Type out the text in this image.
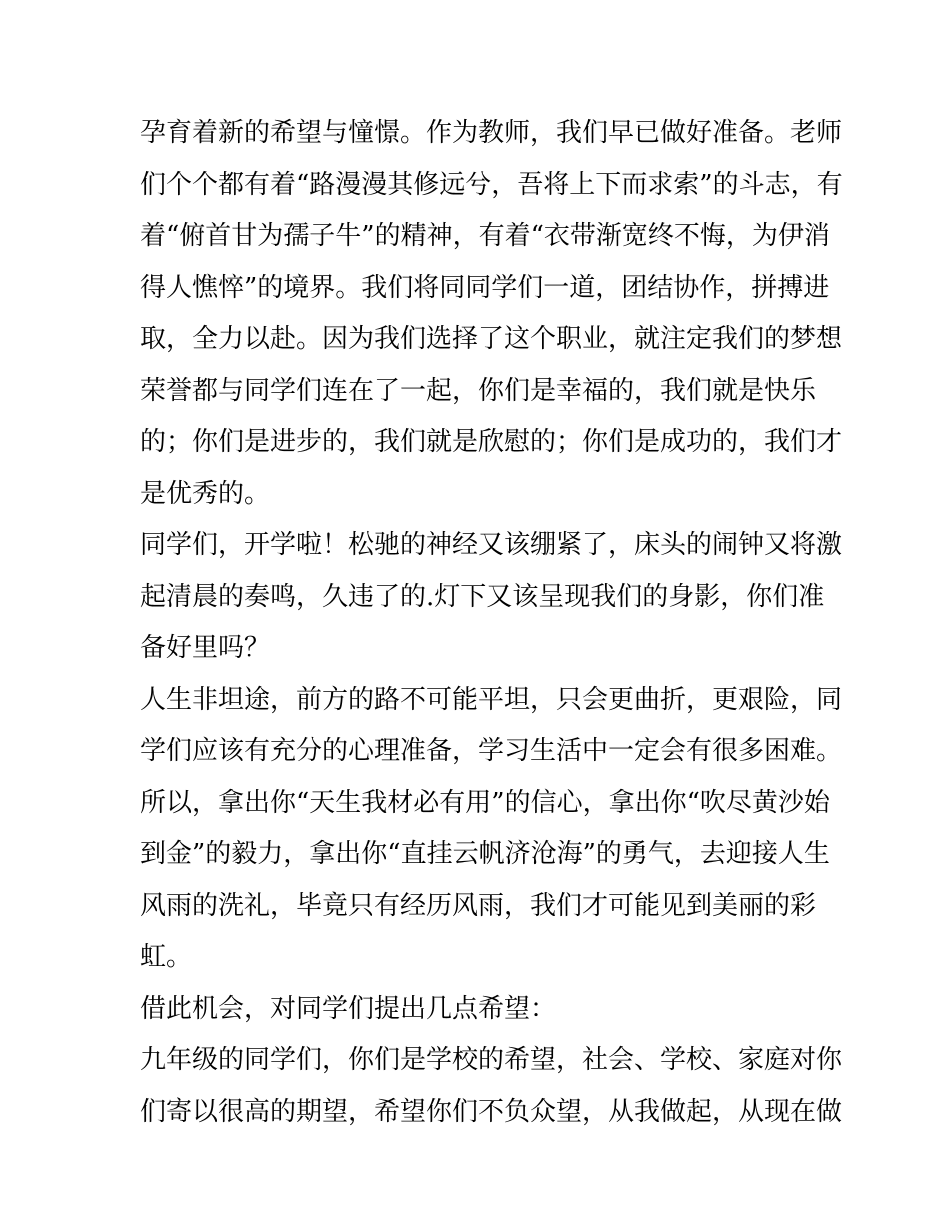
孕育着新的希望与憧憬。作为教师，我们早已做好准备。老师
们个个都有着“路漫漫其修远兮，吾将上下而求索”的斗志，有
着“俯首甘为孺子牛”的精神，有着“衣带渐宽终不悔，为伊消
得人憔悴”的境界。我们将同同学们一道，团结协作，拼搏进
取，全力以赴。因为我们选择了这个职业，就注定我们的梦想
荣誉都与同学们连在了一起，你们是幸福的，我们就是快乐
的；你们是进步的，我们就是欣慰的；你们是成功的，我们才
是优秀的。
同学们，开学啦！松驰的神经又该绷紧了，床头的闹钟又将激
起清晨的奏鸣，久违了的.灯下又该呈现我们的身影，你们准
备好里吗？
人生非坦途，前方的路不可能平坦，只会更曲折，更艰险，同
学们应该有充分的心理准备，学习生活中一定会有很多困难。
所以，拿出你“天生我材必有用”的信心，拿出你“吹尽黄沙始
到金”的毅力，拿出你“直挂云帆济沧海”的勇气，去迎接人生
风雨的洗礼，毕竟只有经历风雨，我们才可能见到美丽的彩
虹。
借此机会，对同学们提出几点希望：
九年级的同学们，你们是学校的希望，社会、学校、家庭对你
们寄以很高的期望，希望你们不负众望，从我做起，从现在做
